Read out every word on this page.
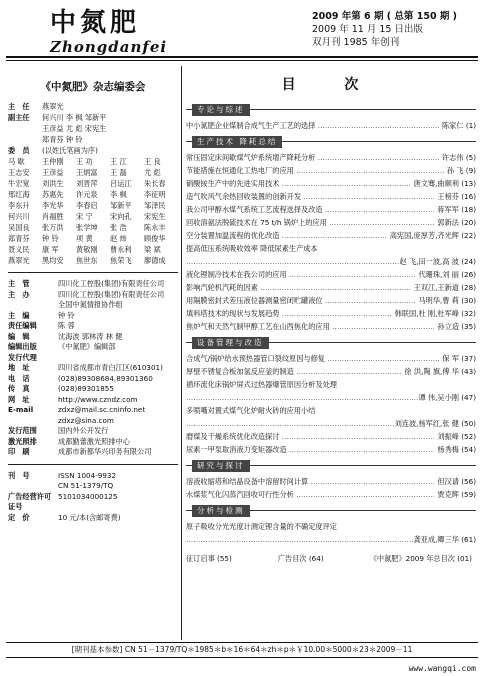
中氮肥
Zhongdanfei
2009 年第 6 期 ( 总第 150 期 )
2009 年 11 月 15 日出版
双月刊 1985 年创刊
《中氮肥》杂志编委会
主　任	燕翠光
副主任	何兴川 李 枫 邹新平
王彦益 尤 彪 宋宪生
郑青芬 钟 铃
委　员	(以姓氏笔画为序)
马 歇	王仲刚	王 功	王 江	王 良
王志安	王彦益	王炳富	王 磊	尤 彪
牛宏宽	刘洪生	刘晋萍	吕运江	朱长春
邢红海	苏惠先	许元泉	李 枫	李征明
李东升	李光华	李春启	邹新平	邹泽民
何兴川	肖福胜	宋 宁	宋向孔	宋宪生
吴国良	张万洪	张学坤	张 浩	陈永丰
郑青芬	钟 铃	项 黄	赵 炜	顾俊华
聂义民	康 军	黄敬刚	曹永利	梁 斌
燕翠光	黑均安	焦世东	焦荣飞	廖德成
主　管	四川化工控股(集团)有限责任公司
主　办	四川化工控股(集团)有限责任公司
全国中氮情报协作组
主　编	钟 铃
责任编辑	陈 蓉
编　辑	沈海波 郭林涛 林 健
编辑出版	《中氮肥》编辑部
发行代理
地　址	四川省成都市青白江区(610301)
电　话	(028)89308684,89301360
传　真	(028)89301855
网　址	http://www.czndz.com
E-mail	zdxz@mail.sc.cninfo.net
zdxz@sina.com
发行范围	国内外公开发行
激光照排	成都勤蕾激光照排中心
印　刷	成都市新都华兴印务有限公司
刊　号	ISSN 1004-9932
CN 51-1379/TQ
广告经营许可证号
5101034000125
定　价	10 元/本(含邮寄费)
目 次
专论与综述
中小氮肥企业煤制合成气生产工艺的选择 ……………………………………………………………………………………………………………………	陈家仁 (1)
生产技术 降耗总结
常压固定床间歇煤气炉系统增产降耗分析 ……………………………………………………………………………………………………………………	许志伟 (5)
节能措施在恒通化工热电厂的应用 ……………………………………………………………………………………………………………………	孙 飞 (9)
硝酸铵生产中的先进实用技术 ……………………………………………………………………………………………………………………	唐文骞,曲顺利 (13)
造气吹风气余热回收装置的创新开发 ……………………………………………………………………………………………………………………	王榜芬 (16)
我公司甲醇水煤气系统工艺流程选择及改造 ……………………………………………………………………………………………………………………	蒋军军 (18)
回收溶氨法脱硫技术在 75 t/h 锅炉上的应用 ……………………………………………………………………………………………………………………	郭新法 (20)
空分装置加温流程的优化改造 ……………………………………………………………………………………………………………………	高宪国,庞厚芳,齐光辉 (22)
提高低压系统吸收效率 降低尿素生产成本
……………………………………………………………………………………………………
赵 飞,田一波,高 波 (24)
液化锂制冷技术在我公司的应用 ……………………………………………………………………………………………………………………	代珊珠,刘 丽 (26)
影响汽轮机汽耗的因素 ……………………………………………………………………………………………………………………	王双江,王新道 (28)
用隔膜密封式差压液位器测量密闭贮罐液位 ……………………………………………………………………………………………………………………	马明华,曹 莉 (30)
填料塔技术的现状与发展趋势 ……………………………………………………………………………………………………………………	韩联国,杜 刚,杜军峰 (32)
焦炉气和天然气制甲醇工艺在山西焦化的应用 ……………………………………………………………………………………………………………………	孙立造 (35)
设备管理与改造
合成气/锅炉给水预热器管口裂纹原因与修复 ……………………………………………………………………………………………………………………	保 军 (37)
厚壁不锈复合板加氢反应釜的制造 ……………………………………………………………………………………………………………………	徐 洪,陶 旗,傅 华 (43)
循环流化床锅炉屏式过热器爆管原因分析及处理
……………………………………………………………………………………………………
谭 伟,吴小刚 (47)
多喷嘴对置式煤气化炉耐火砖的应用小结
……………………………………………………………………………………………………
刘连波,杨军红,张 健 (50)
磨煤及干燥系统优化改造探讨 ……………………………………………………………………………………………………………………	刘振峰 (52)
尿素一甲泵取消液力变矩器改造 ……………………………………………………………………………………………………………………	杨秀梅 (54)
研究与探讨
溶液收缩塔和结晶设备中溶留时间计算 ……………………………………………………………………………………………………………………	但汉请 (56)
水煤浆气化闪蒸汽回收可行性分析 ……………………………………………………………………………………………………………………	贾克辉 (59)
分析与检测
原子吸收分光光度计测定锂含量的不确定度评定
……………………………………………………………………………………………………
龚亚成,卿三华 (61)
征订启事 (55)	广告目次 (64)	《中氮肥》2009 年总目次 (01)
[期刊基本参数] CN 51－1379/TQ＊1985＊b＊16＊64＊zh＊p＊￥10.00＊5000＊23＊2009－11
www.wangqi.com
